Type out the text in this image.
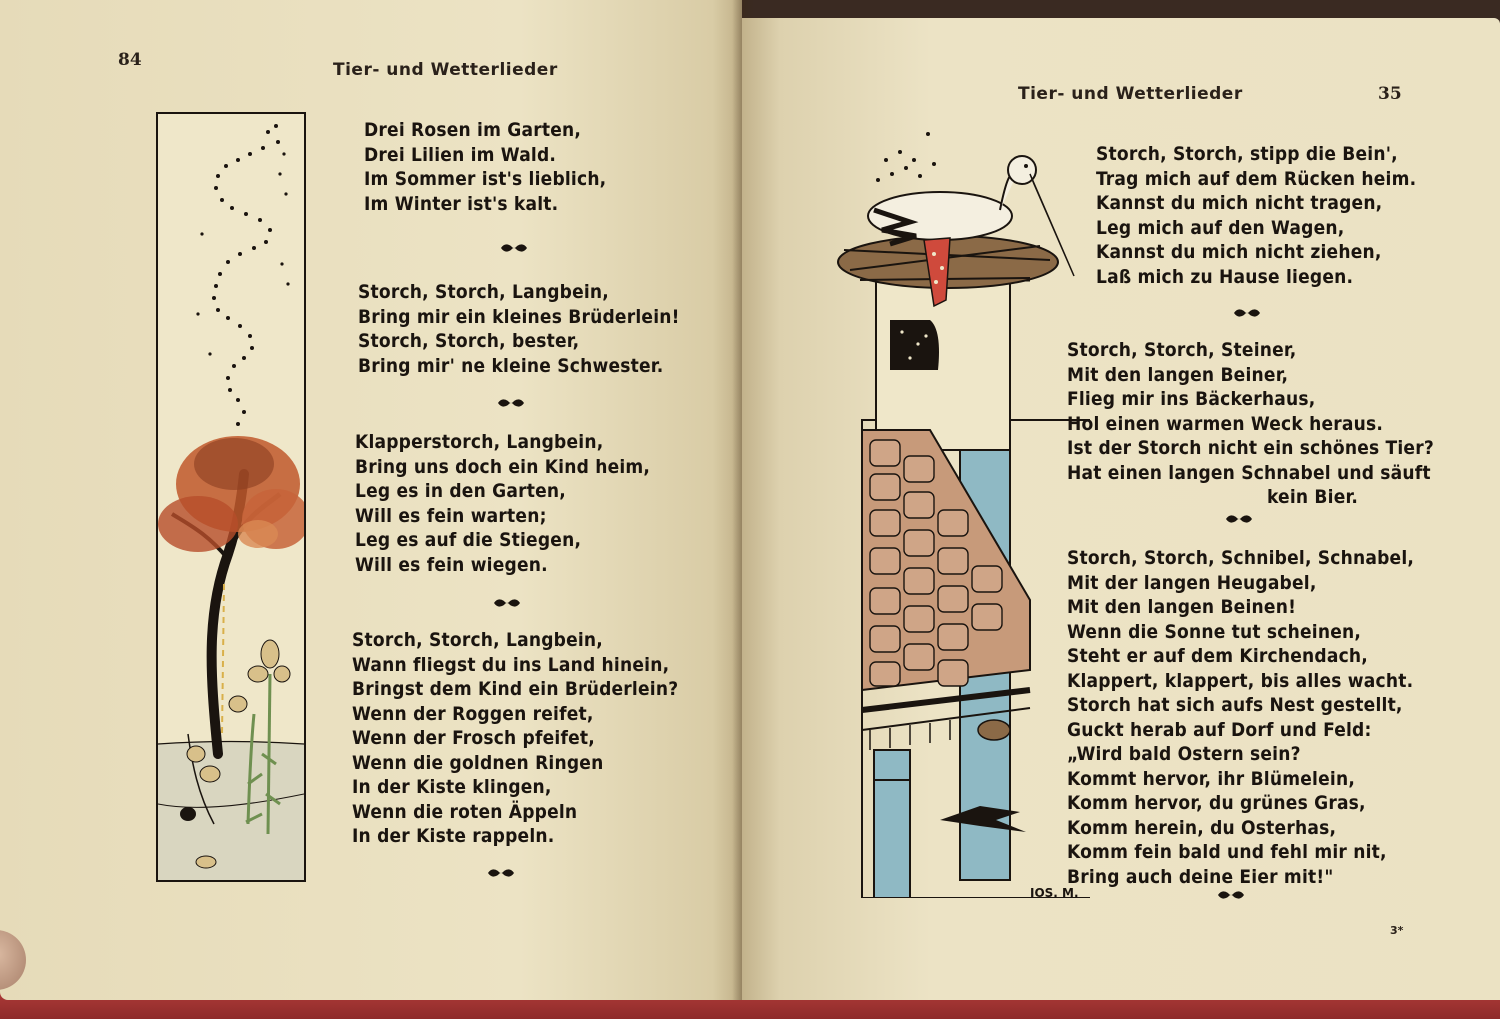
84	Tier- und Wetterlieder
Drei Rosen im Garten,
Drei Lilien im Wald.
Im Sommer ist's lieblich,
Im Winter ist's kalt.
Storch, Storch, Langbein,
Bring mir ein kleines Brüderlein!
Storch, Storch, bester,
Bring mir' ne kleine Schwester.
Klapperstorch, Langbein,
Bring uns doch ein Kind heim,
Leg es in den Garten,
Will es fein warten;
Leg es auf die Stiegen,
Will es fein wiegen.
Storch, Storch, Langbein,
Wann fliegst du ins Land hinein,
Bringst dem Kind ein Brüderlein?
Wenn der Roggen reifet,
Wenn der Frosch pfeifet,
Wenn die goldnen Ringen
In der Kiste klingen,
Wenn die roten Äppeln
In der Kiste rappeln.
Tier- und Wetterlieder	35
IOS. M.
Storch, Storch, stipp die Bein',
Trag mich auf dem Rücken heim.
Kannst du mich nicht tragen,
Leg mich auf den Wagen,
Kannst du mich nicht ziehen,
Laß mich zu Hause liegen.
Storch, Storch, Steiner,
Mit den langen Beiner,
Flieg mir ins Bäckerhaus,
Hol einen warmen Weck heraus.
Ist der Storch nicht ein schönes Tier?
Hat einen langen Schnabel und säuft
kein Bier.
Storch, Storch, Schnibel, Schnabel,
Mit der langen Heugabel,
Mit den langen Beinen!
Wenn die Sonne tut scheinen,
Steht er auf dem Kirchendach,
Klappert, klappert, bis alles wacht.
Storch hat sich aufs Nest gestellt,
Guckt herab auf Dorf und Feld:
„Wird bald Ostern sein?
Kommt hervor, ihr Blümelein,
Komm hervor, du grünes Gras,
Komm herein, du Osterhas,
Komm fein bald und fehl mir nit,
Bring auch deine Eier mit!"
3*
